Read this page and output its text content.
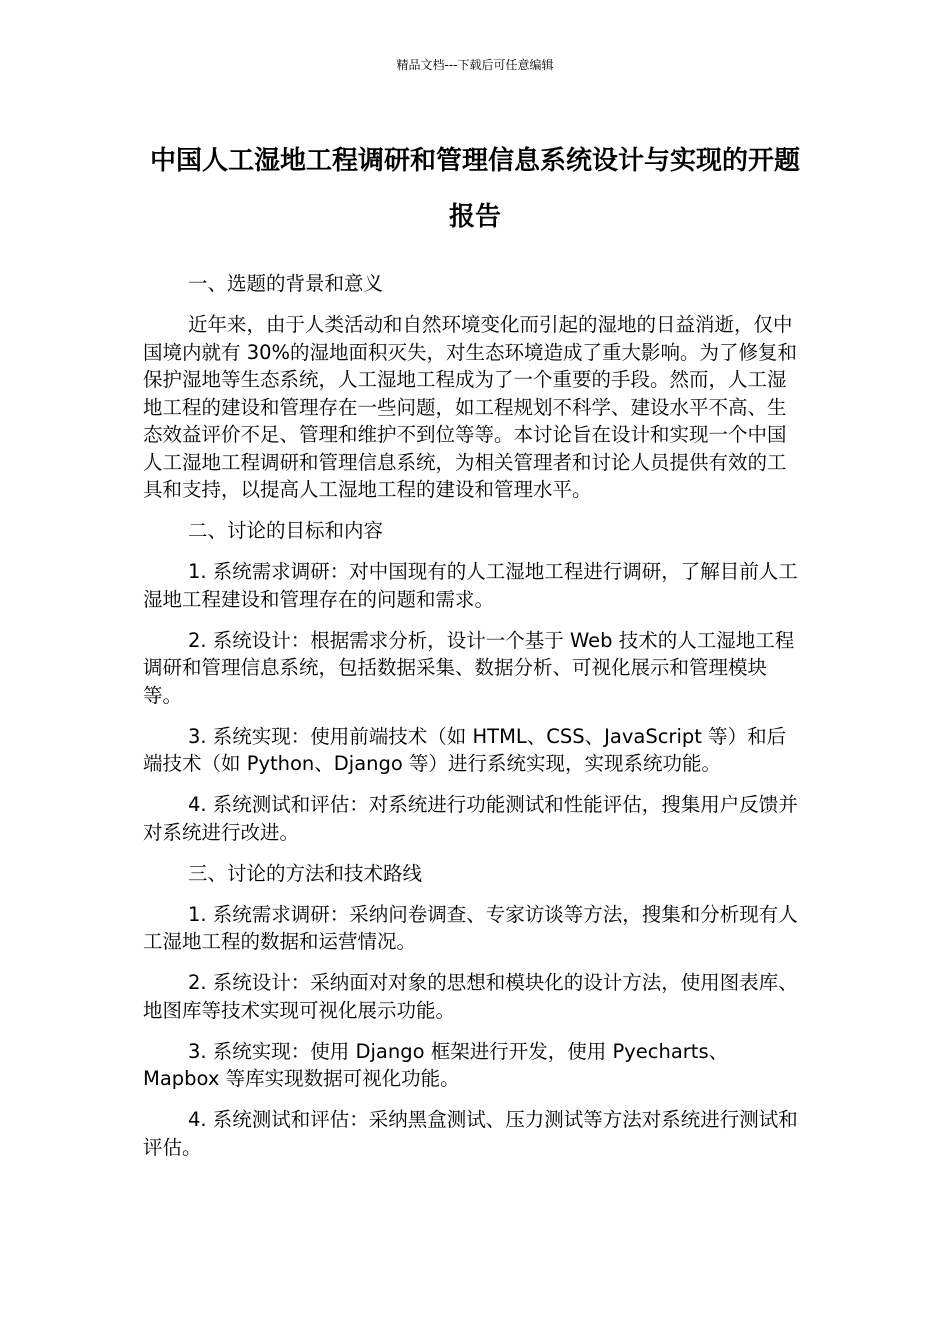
精品文档---下载后可任意编辑
中国人工湿地工程调研和管理信息系统设计与实现的开题报告

一、选题的背景和意义

近年来，由于人类活动和自然环境变化而引起的湿地的日益消逝，仅中国境内就有 30%的湿地面积灭失，对生态环境造成了重大影响。为了修复和保护湿地等生态系统，人工湿地工程成为了一个重要的手段。然而，人工湿地工程的建设和管理存在一些问题，如工程规划不科学、建设水平不高、生态效益评价不足、管理和维护不到位等等。本讨论旨在设计和实现一个中国人工湿地工程调研和管理信息系统，为相关管理者和讨论人员提供有效的工具和支持，以提高人工湿地工程的建设和管理水平。

二、讨论的目标和内容

1. 系统需求调研：对中国现有的人工湿地工程进行调研，了解目前人工湿地工程建设和管理存在的问题和需求。

2. 系统设计：根据需求分析，设计一个基于 Web 技术的人工湿地工程调研和管理信息系统，包括数据采集、数据分析、可视化展示和管理模块等。

3. 系统实现：使用前端技术（如 HTML、CSS、JavaScript 等）和后端技术（如 Python、Django 等）进行系统实现，实现系统功能。

4. 系统测试和评估：对系统进行功能测试和性能评估，搜集用户反馈并对系统进行改进。

三、讨论的方法和技术路线

1. 系统需求调研：采纳问卷调查、专家访谈等方法，搜集和分析现有人工湿地工程的数据和运营情况。

2. 系统设计：采纳面对对象的思想和模块化的设计方法，使用图表库、地图库等技术实现可视化展示功能。

3. 系统实现：使用 Django 框架进行开发，使用 Pyecharts、Mapbox 等库实现数据可视化功能。

4. 系统测试和评估：采纳黑盒测试、压力测试等方法对系统进行测试和评估。
